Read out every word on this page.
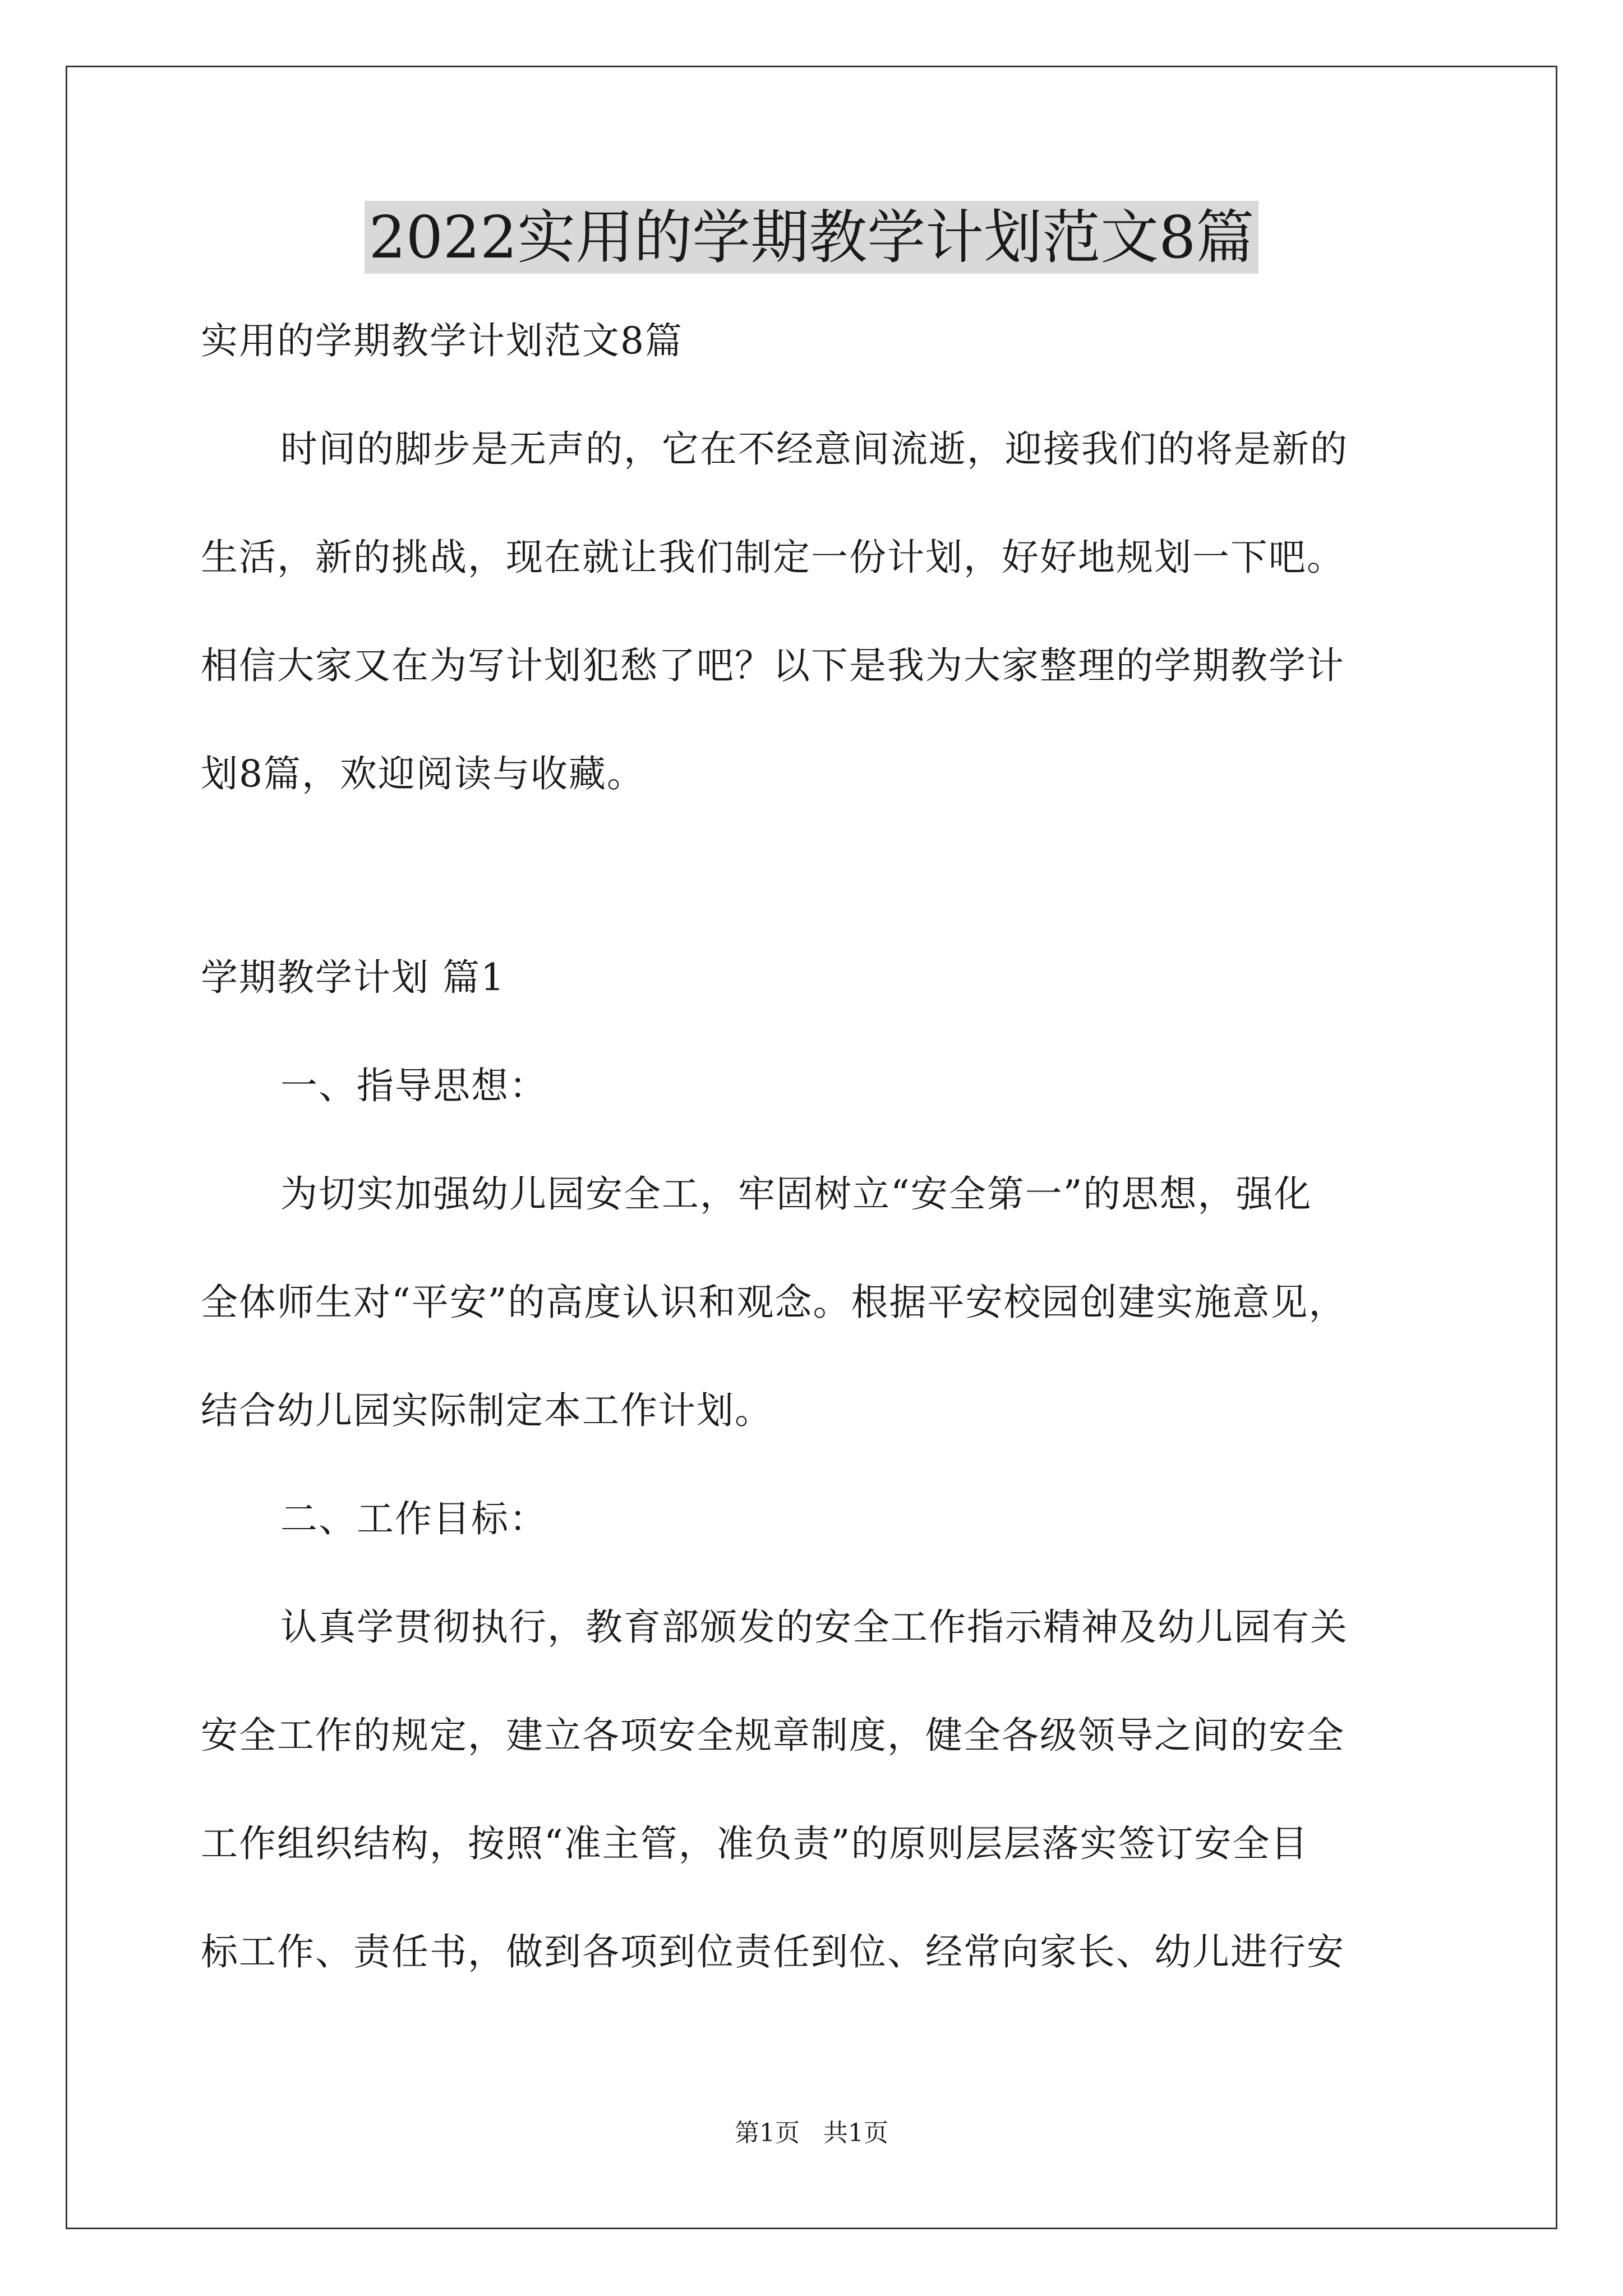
2022实用的学期教学计划范文8篇
实用的学期教学计划范文8篇
时间的脚步是无声的，它在不经意间流逝，迎接我们的将是新的
生活，新的挑战，现在就让我们制定一份计划，好好地规划一下吧。
相信大家又在为写计划犯愁了吧？以下是我为大家整理的学期教学计
划8篇，欢迎阅读与收藏。
学期教学计划 篇1
一、指导思想：
为切实加强幼儿园安全工，牢固树立“安全第一”的思想，强化
全体师生对“平安”的高度认识和观念。根据平安校园创建实施意见，
结合幼儿园实际制定本工作计划。
二、工作目标：
认真学贯彻执行，教育部颁发的安全工作指示精神及幼儿园有关
安全工作的规定，建立各项安全规章制度，健全各级领导之间的安全
工作组织结构，按照“准主管，准负责”的原则层层落实签订安全目
标工作、责任书，做到各项到位责任到位、经常向家长、幼儿进行安
第1页   共1页
